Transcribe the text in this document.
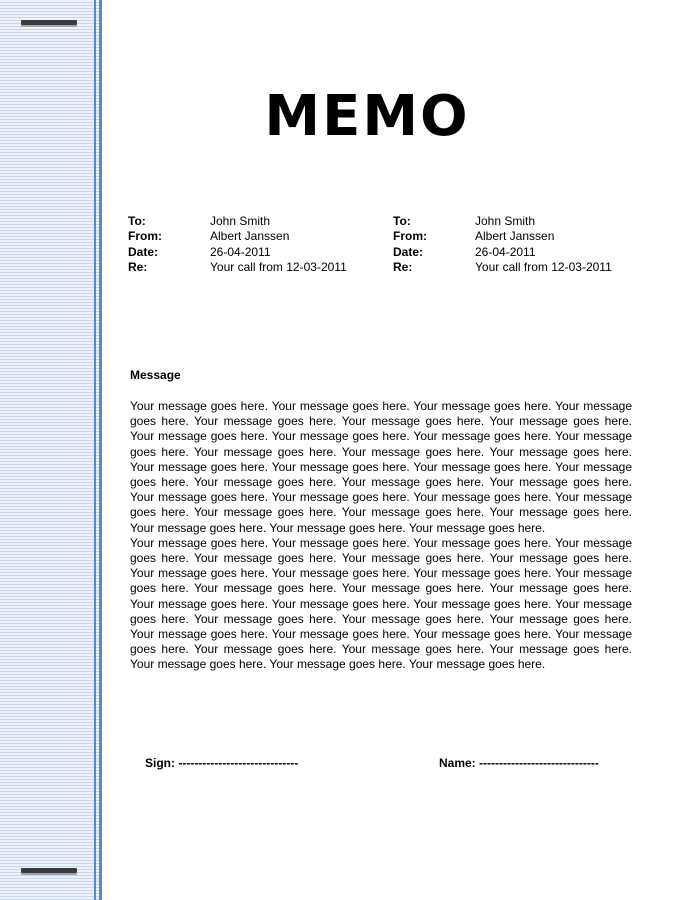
MEMO
To:	John Smith
From:	Albert Janssen
Date:	26-04-2011
Re:	Your call from 12-03-2011
To:	John Smith
From:	Albert Janssen
Date:	26-04-2011
Re:	Your call from 12-03-2011
Message

Your message goes here. Your message goes here. Your message goes here. Your message goes here. Your message goes here. Your message goes here. Your message goes here. Your message goes here. Your message goes here. Your message goes here. Your message goes here. Your message goes here. Your message goes here. Your message goes here. Your message goes here. Your message goes here. Your message goes here. Your message goes here. Your message goes here. Your message goes here. Your message goes here. Your message goes here. Your message goes here. Your message goes here. Your message goes here. Your message goes here. Your message goes here. Your message goes here. Your message goes here. Your message goes here. Your message goes here.

Your message goes here. Your message goes here. Your message goes here. Your message goes here. Your message goes here. Your message goes here. Your message goes here. Your message goes here. Your message goes here. Your message goes here. Your message goes here. Your message goes here. Your message goes here. Your message goes here. Your message goes here. Your message goes here. Your message goes here. Your message goes here. Your message goes here. Your message goes here. Your message goes here. Your message goes here. Your message goes here. Your message goes here. Your message goes here. Your message goes here. Your message goes here. Your message goes here. Your message goes here. Your message goes here. Your message goes here.

Sign: ------------------------------	Name: ------------------------------
